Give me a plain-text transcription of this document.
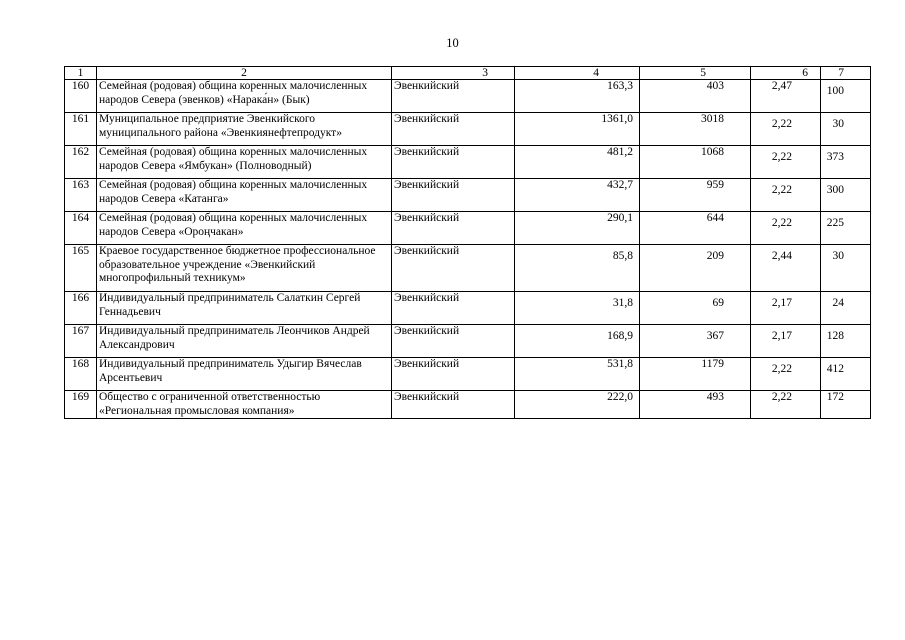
10
1	2	3	4	5	6	7
160	Семейная (родовая) община коренных малочисленных народов Севера (эвенков) «Нарака́н» (Бык)	Эвенкийский	163,3	403	2,47	100
161	Муниципальное предприятие Эвенкийского муниципального района «Эвенкиянефтепродукт»	Эвенкийский	1361,0	3018	2,22	30
162	Семейная (родовая) община коренных малочисленных народов Севера «Ямбукан» (Полноводный)	Эвенкийский	481,2	1068	2,22	373
163	Семейная (родовая) община коренных малочисленных народов Севера «Катанга»	Эвенкийский	432,7	959	2,22	300
164	Семейная (родовая) община коренных малочисленных народов Севера «Ороңчакан»	Эвенкийский	290,1	644	2,22	225
165	Краевое государственное бюджетное профессиональное образовательное учреждение «Эвенкийский многопрофильный техникум»	Эвенкийский	85,8	209	2,44	30
166	Индивидуальный предприниматель Салаткин Сергей Геннадьевич	Эвенкийский	31,8	69	2,17	24
167	Индивидуальный предприниматель Леончиков Андрей Александрович	Эвенкийский	168,9	367	2,17	128
168	Индивидуальный предприниматель Удыгир Вячеслав Арсентьевич	Эвенкийский	531,8	1179	2,22	412
169	Общество с ограниченной ответственностью «Региональная промысловая компания»	Эвенкийский	222,0	493	2,22	172
